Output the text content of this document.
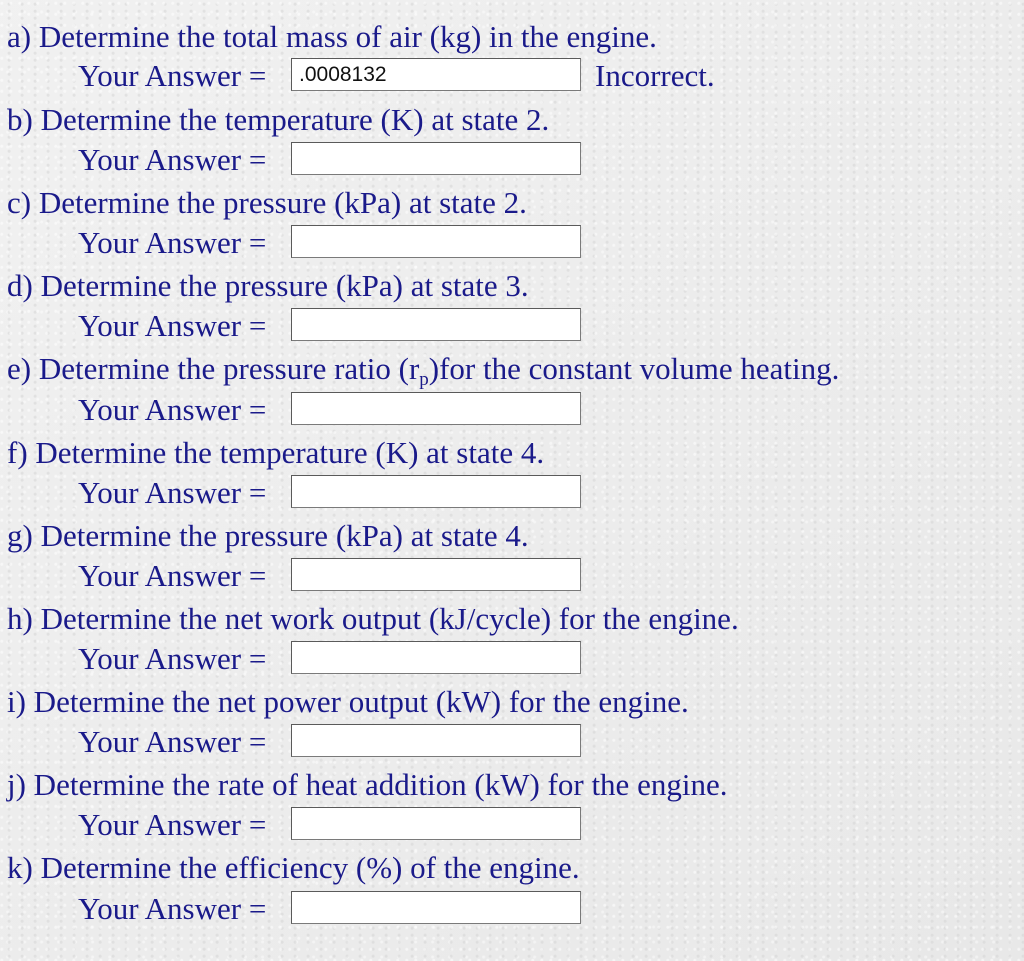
a) Determine the total mass of air (kg) in the engine.
Your Answer =	.0008132	Incorrect.
b) Determine the temperature (K) at state 2.
Your Answer =
c) Determine the pressure (kPa) at state 2.
Your Answer =
d) Determine the pressure (kPa) at state 3.
Your Answer =
e) Determine the pressure ratio $(r_p)for$ the constant volume heating.
Your Answer =
f) Determine the temperature (K) at state 4.
Your Answer =
g) Determine the pressure (kPa) at state 4.
Your Answer =
h) Determine the net work output (kJ/cycle) for the engine.
Your Answer =
i) Determine the net power output (kW) for the engine.
Your Answer =
j) Determine the rate of heat addition (kW) for the engine.
Your Answer =
k) Determine the efficiency (%) of the engine.
Your Answer =
